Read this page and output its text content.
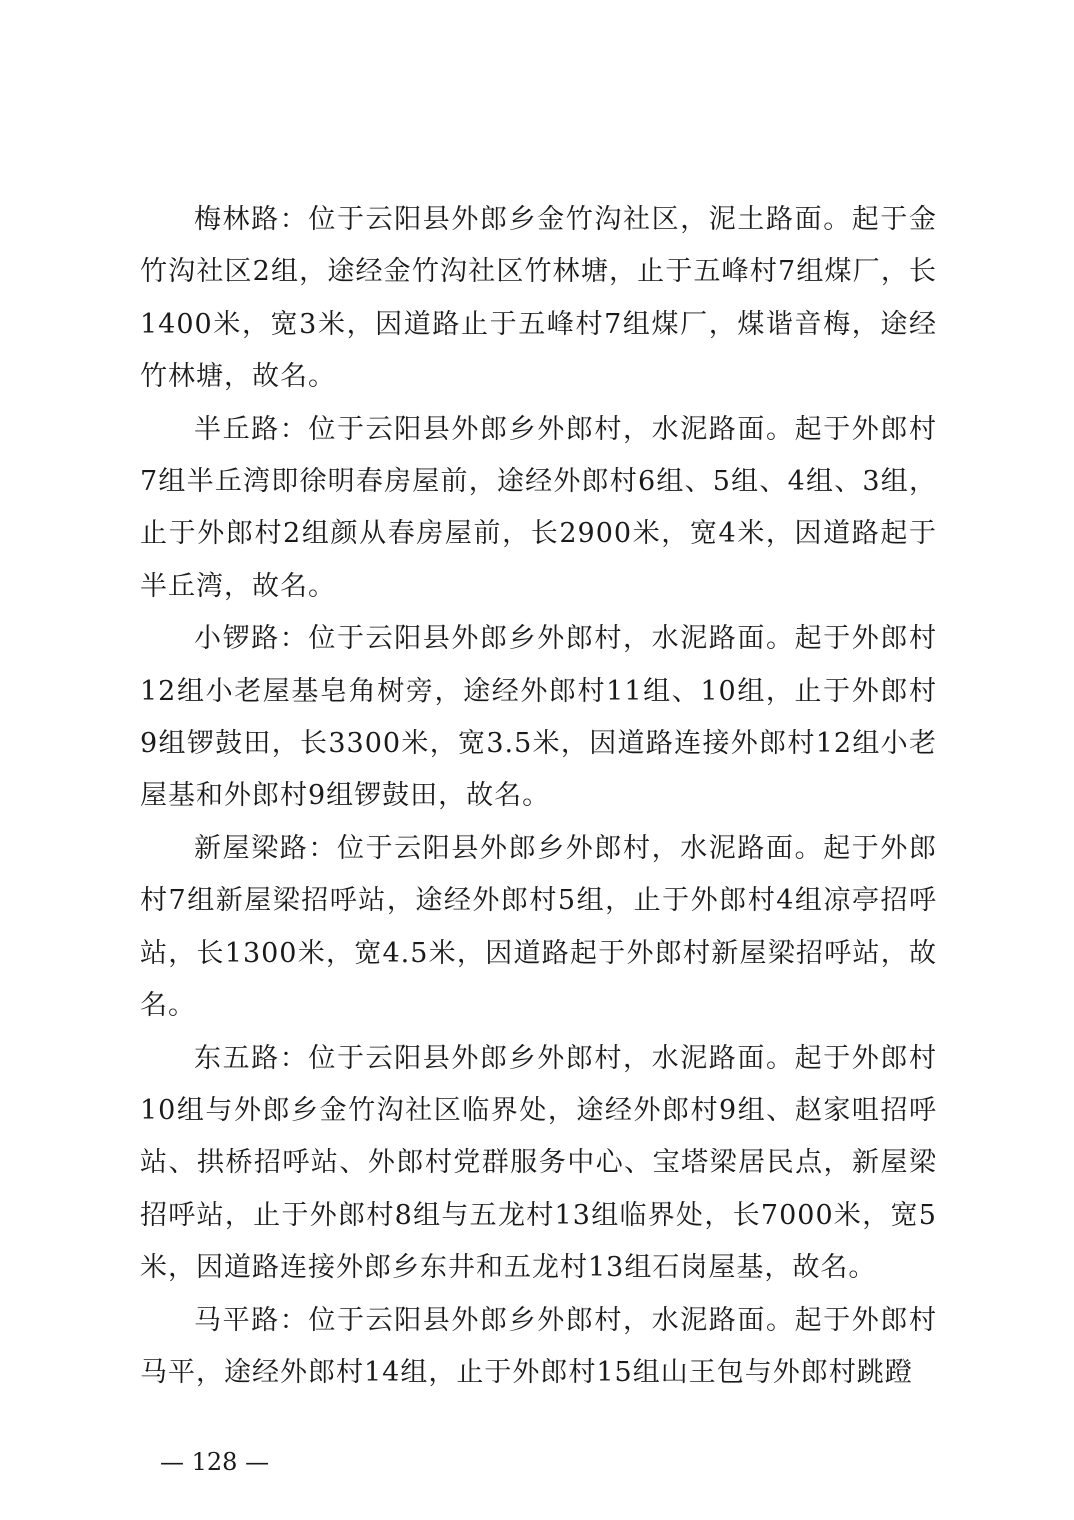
梅林路：位于云阳县外郎乡金竹沟社区，泥土路面。起于金竹沟社区2组，途经金竹沟社区竹林塘，止于五峰村7组煤厂，长1400米，宽3米，因道路止于五峰村7组煤厂，煤谐音梅，途经竹林塘，故名。

半丘路：位于云阳县外郎乡外郎村，水泥路面。起于外郎村7组半丘湾即徐明春房屋前，途经外郎村6组、5组、4组、3组，止于外郎村2组颜从春房屋前，长2900米，宽4米，因道路起于半丘湾，故名。

小锣路：位于云阳县外郎乡外郎村，水泥路面。起于外郎村12组小老屋基皂角树旁，途经外郎村11组、10组，止于外郎村9组锣鼓田，长3300米，宽3.5米，因道路连接外郎村12组小老屋基和外郎村9组锣鼓田，故名。

新屋梁路：位于云阳县外郎乡外郎村，水泥路面。起于外郎村7组新屋梁招呼站，途经外郎村5组，止于外郎村4组凉亭招呼站，长1300米，宽4.5米，因道路起于外郎村新屋梁招呼站，故名。

东五路：位于云阳县外郎乡外郎村，水泥路面。起于外郎村10组与外郎乡金竹沟社区临界处，途经外郎村9组、赵家咀招呼站、拱桥招呼站、外郎村党群服务中心、宝塔梁居民点，新屋梁招呼站，止于外郎村8组与五龙村13组临界处，长7000米，宽5米，因道路连接外郎乡东井和五龙村13组石岗屋基，故名。

马平路：位于云阳县外郎乡外郎村，水泥路面。起于外郎村马平，途经外郎村14组，止于外郎村15组山王包与外郎村跳蹬

— 128 —
